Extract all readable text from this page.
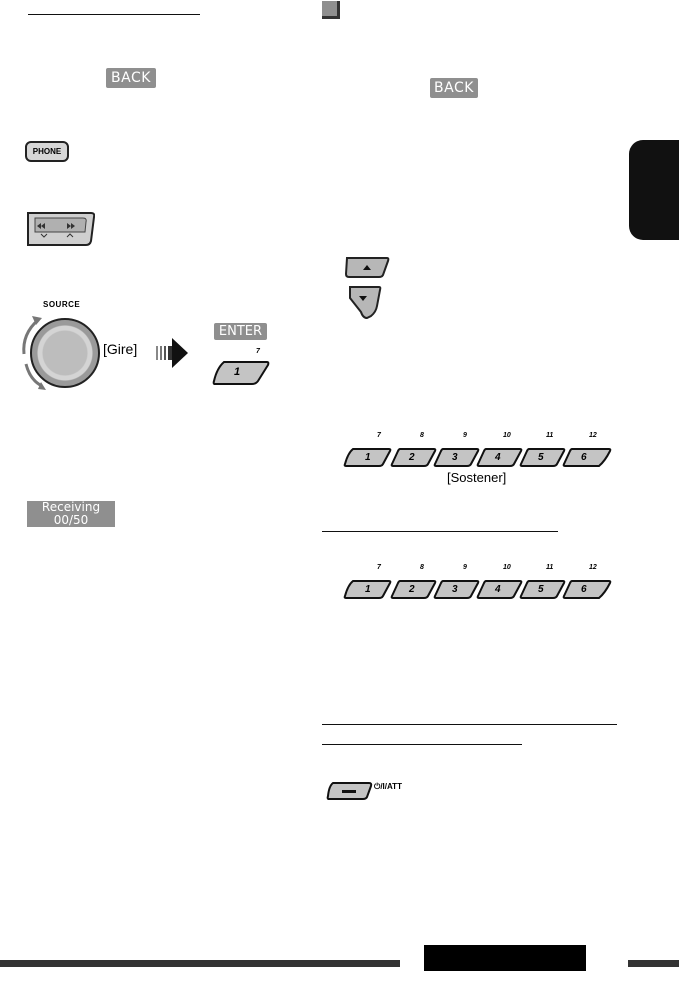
BACK
BACK
PHONE
SOURCE
[Gire]
ENTER
7
1
Receiving
00/50
7	8	9	10	11	12
1	2	3	4	5	6
[Sostener]
7	8	9	10	11	12
1	2	3	4	5	6
⏻/I/ATT
